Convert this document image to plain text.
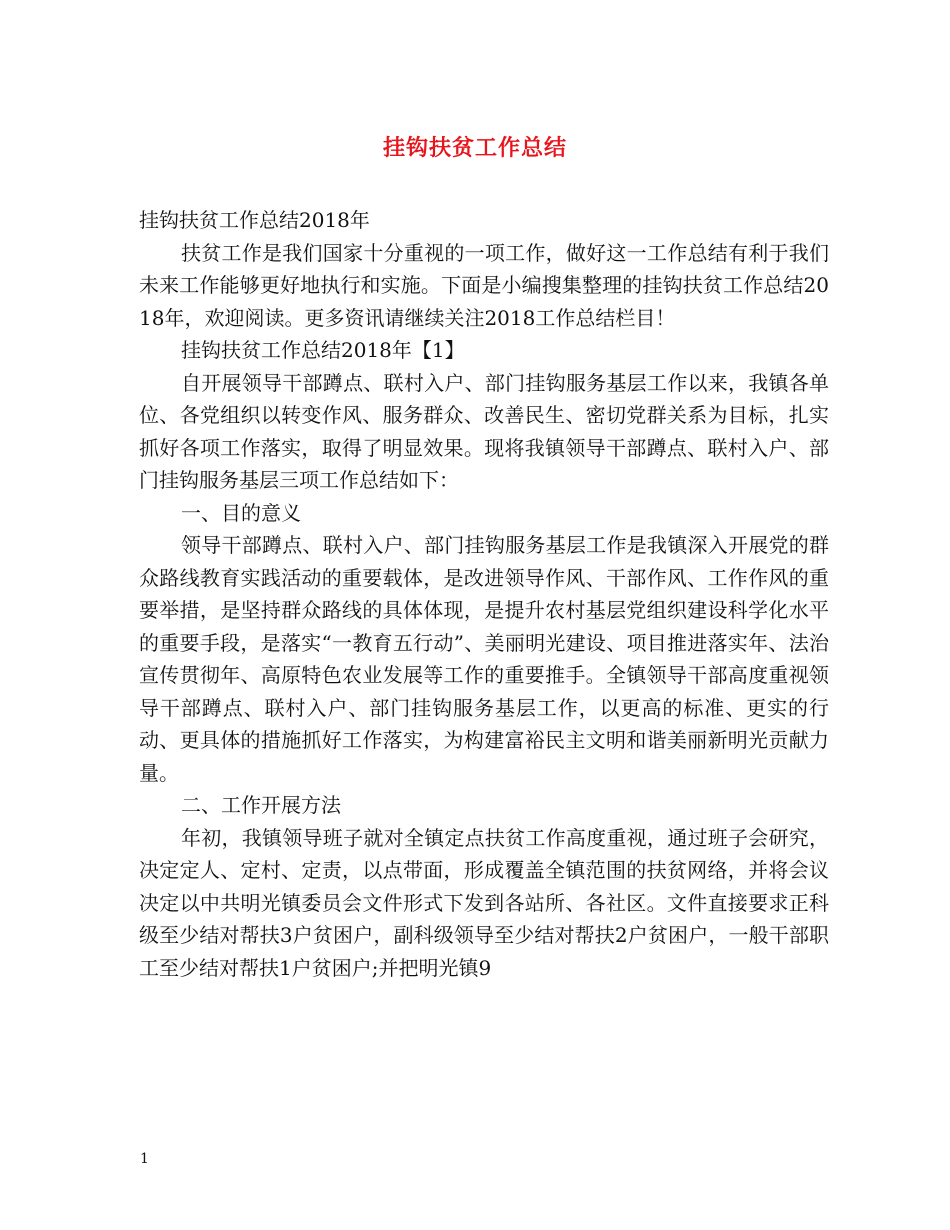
挂钩扶贫工作总结

挂钩扶贫工作总结2018年

扶贫工作是我们国家十分重视的一项工作，做好这一工作总结有利于我们未来工作能够更好地执行和实施。下面是小编搜集整理的挂钩扶贫工作总结2018年，欢迎阅读。更多资讯请继续关注2018工作总结栏目！

挂钩扶贫工作总结2018年【1】

自开展领导干部蹲点、联村入户、部门挂钩服务基层工作以来，我镇各单位、各党组织以转变作风、服务群众、改善民生、密切党群关系为目标，扎实抓好各项工作落实，取得了明显效果。现将我镇领导干部蹲点、联村入户、部门挂钩服务基层三项工作总结如下：

一、目的意义

领导干部蹲点、联村入户、部门挂钩服务基层工作是我镇深入开展党的群众路线教育实践活动的重要载体，是改进领导作风、干部作风、工作作风的重要举措，是坚持群众路线的具体体现，是提升农村基层党组织建设科学化水平的重要手段，是落实“一教育五行动”、美丽明光建设、项目推进落实年、法治宣传贯彻年、高原特色农业发展等工作的重要推手。全镇领导干部高度重视领导干部蹲点、联村入户、部门挂钩服务基层工作，以更高的标准、更实的行动、更具体的措施抓好工作落实，为构建富裕民主文明和谐美丽新明光贡献力量。

二、工作开展方法

年初，我镇领导班子就对全镇定点扶贫工作高度重视，通过班子会研究，决定定人、定村、定责，以点带面，形成覆盖全镇范围的扶贫网络，并将会议决定以中共明光镇委员会文件形式下发到各站所、各社区。文件直接要求正科级至少结对帮扶3户贫困户，副科级领导至少结对帮扶2户贫困户，一般干部职工至少结对帮扶1户贫困户;并把明光镇9

1
